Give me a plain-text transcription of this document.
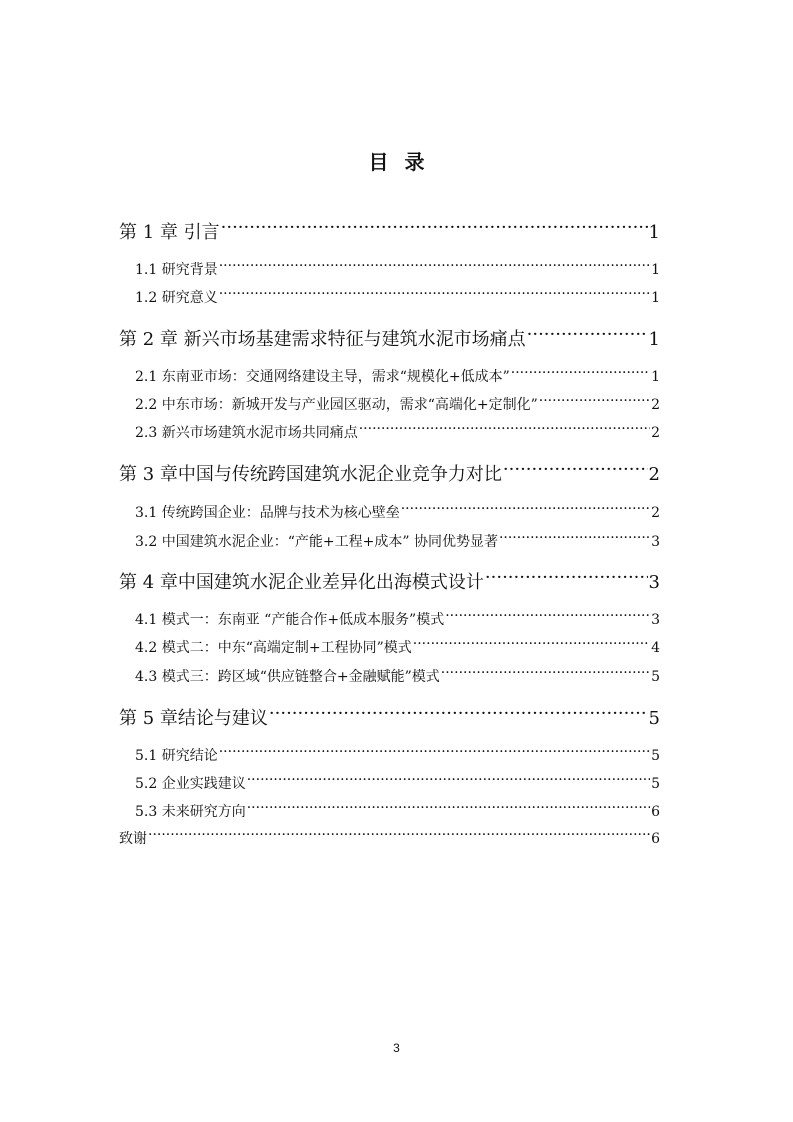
目录
第 1 章 引言 ·····	1
1.1 研究背景 ·····	1
1.2 研究意义 ·····	1
第 2 章 新兴市场基建需求特征与建筑水泥市场痛点 ·····	1
2.1 东南亚市场：交通网络建设主导，需求“规模化+低成本” ·····	1
2.2 中东市场：新城开发与产业园区驱动，需求“高端化+定制化” ·····	2
2.3 新兴市场建筑水泥市场共同痛点 ·····	2
第 3 章中国与传统跨国建筑水泥企业竞争力对比 ·····	2
3.1 传统跨国企业：品牌与技术为核心壁垒 ·····	2
3.2 中国建筑水泥企业：“产能+工程+成本” 协同优势显著 ·····	3
第 4 章中国建筑水泥企业差异化出海模式设计 ·····	3
4.1 模式一：东南亚 “产能合作+低成本服务”模式 ·····	3
4.2 模式二：中东“高端定制+工程协同”模式 ·····	4
4.3 模式三：跨区域“供应链整合+金融赋能”模式 ·····	5
第 5 章结论与建议 ·····	5
5.1 研究结论 ·····	5
5.2 企业实践建议 ·····	5
5.3 未来研究方向 ·····	6
致谢 ·····	6
3
